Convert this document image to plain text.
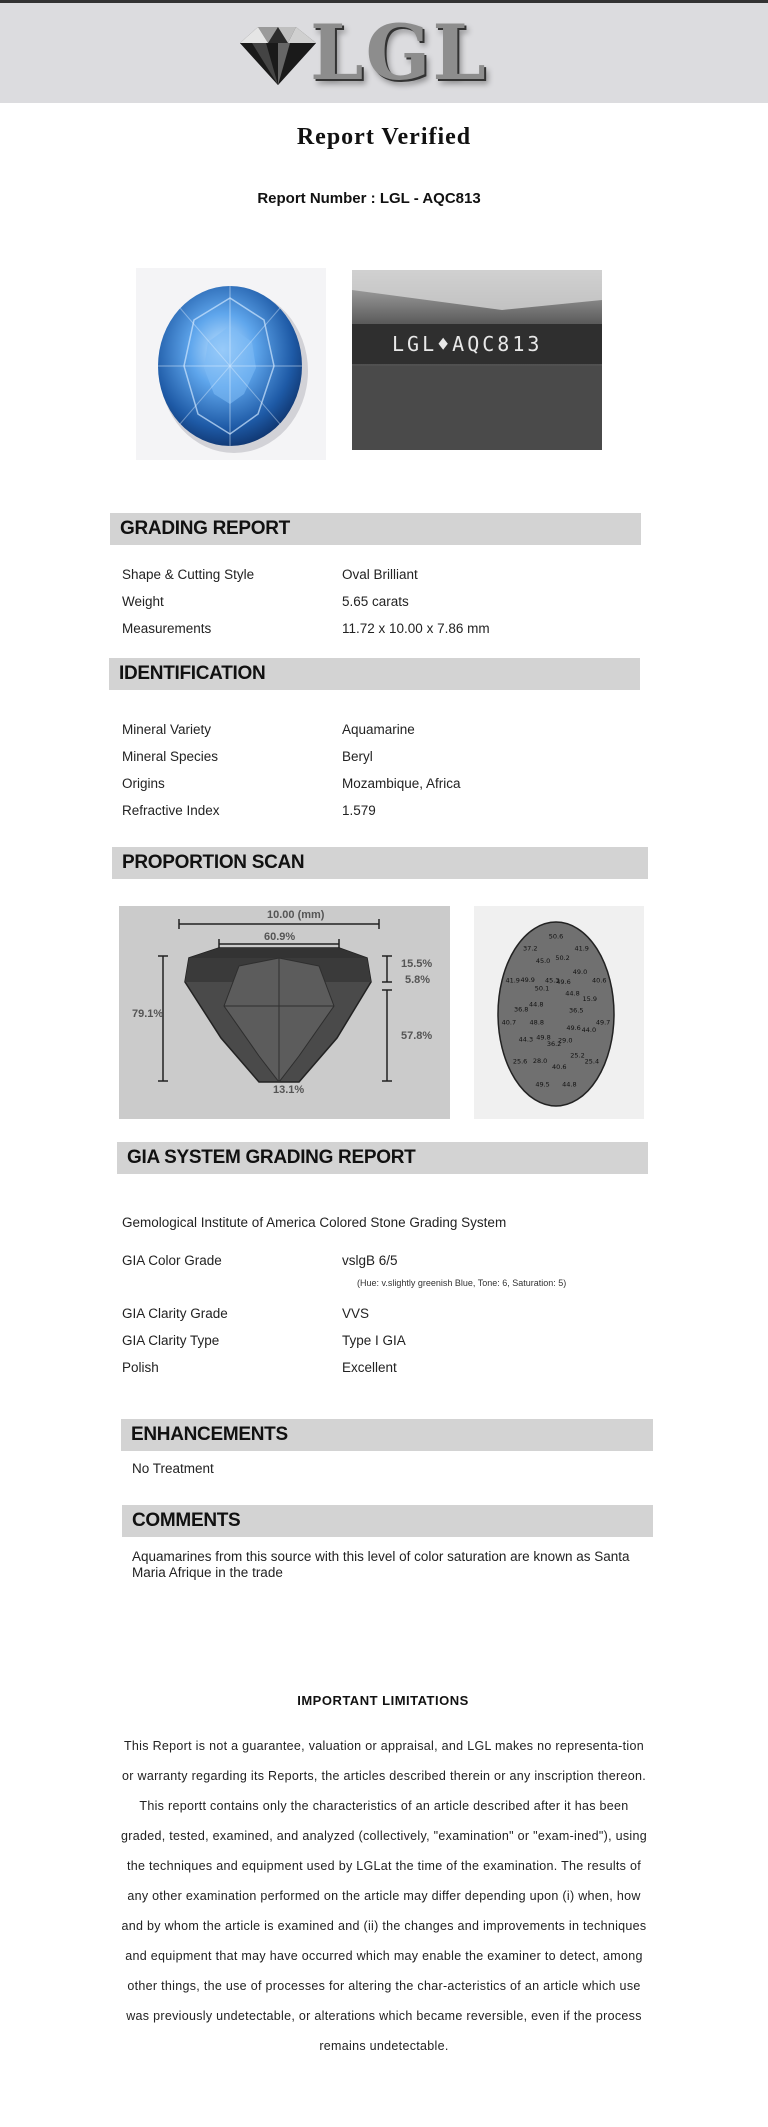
LGL
Report Verified
Report Number : LGL - AQC813
LGL♦AQC813
GRADING REPORT
Shape & Cutting Style	Oval Brilliant
Weight	5.65 carats
Measurements	11.72 x 10.00 x 7.86 mm
IDENTIFICATION
Mineral Variety	Aquamarine
Mineral Species	Beryl
Origins	Mozambique, Africa
Refractive Index	1.579
PROPORTION SCAN
10.00 (mm)
60.9%
79.1%
15.5%
5.8%
57.8%
13.1%
50.6
50.2
49.6
41.9
49.0
44.8
40.6
15.9
36.5
49.7
44.0
49.6
25.4
25.2
29.0
44.8
40.6
36.2
49.5
28.0
49.8
25.6
44.3
48.8
40.7
36.8
44.8
41.9 49.9
50.1
37.2
45.0
45.3
GIA SYSTEM GRADING REPORT
Gemological Institute of America Colored Stone Grading System
GIA Color Grade	vslgB 6/5
(Hue: v.slightly greenish Blue, Tone: 6, Saturation: 5)
GIA Clarity Grade	VVS
GIA Clarity Type	Type I GIA
Polish	Excellent
ENHANCEMENTS
No Treatment
COMMENTS
Aquamarines from this source with this level of color saturation are known as Santa Maria Afrique in the trade
IMPORTANT LIMITATIONS
This Report is not a guarantee, valuation or appraisal, and LGL makes no representa-tion or warranty regarding its Reports, the articles described therein or any inscription thereon. This reportt contains only the characteristics of an article described after it has been graded, tested, examined, and analyzed (collectively, "examination" or "exam-ined"), using the techniques and equipment used by LGLat the time of the examination. The results of any other examination performed on the article may differ depending upon (i) when, how and by whom the article is examined and (ii) the changes and improvements in techniques and equipment that may have occurred which may enable the examiner to detect, among other things, the use of processes for altering the char-acteristics of an article which use was previously undetectable, or alterations which became reversible, even if the process remains undetectable.
